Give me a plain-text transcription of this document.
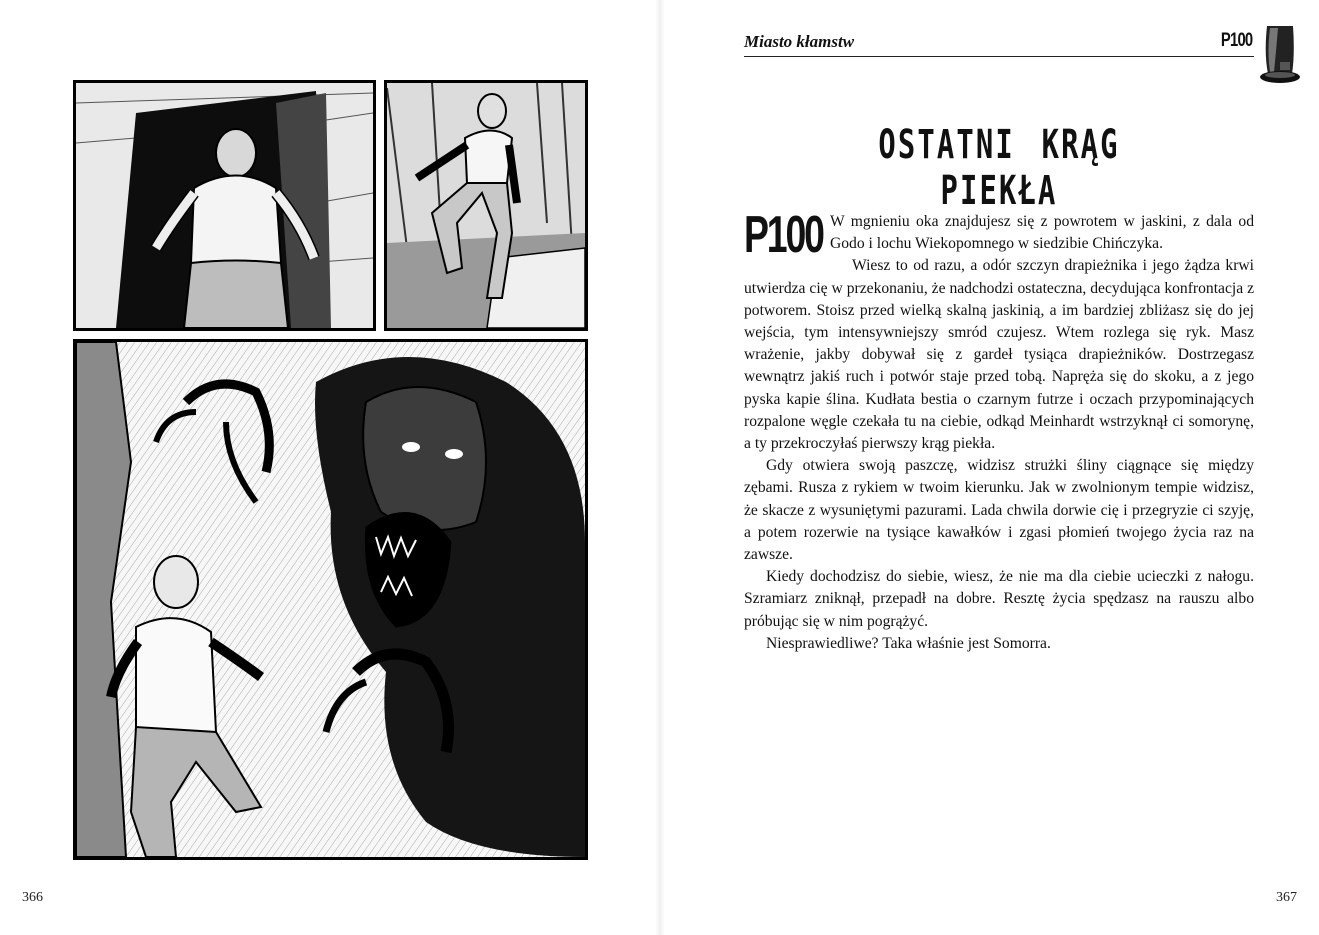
366
Miasto kłamstw	P100
OSTATNI KRĄG PIEKŁA

P100 W mgnieniu oka znajdujesz się z powrotem w jaskini, z dala od Godo i lochu Wiekopomnego w siedzibie Chińczyka.

Wiesz to od razu, a odór szczyn drapieżnika i jego żądza krwi utwierdza cię w przekonaniu, że nadchodzi ostateczna, decydująca konfrontacja z potworem. Stoisz przed wielką skalną jaskinią, a im bardziej zbliżasz się do jej wejścia, tym intensywniejszy smród czujesz. Wtem rozlega się ryk. Masz wrażenie, jakby dobywał się z gardeł tysiąca drapieżników. Dostrzegasz wewnątrz jakiś ruch i potwór staje przed tobą. Napręża się do skoku, a z jego pyska kapie ślina. Kudłata bestia o czarnym futrze i oczach przypominających rozpalone węgle czekała tu na ciebie, odkąd Meinhardt wstrzyknął ci somorynę, a ty przekroczyłaś pierwszy krąg piekła.

Gdy otwiera swoją paszczę, widzisz strużki śliny ciągnące się między zębami. Rusza z rykiem w twoim kierunku. Jak w zwolnionym tempie widzisz, że skacze z wysuniętymi pazurami. Lada chwila dorwie cię i przegryzie ci szyję, a potem rozerwie na tysiące kawałków i zgasi płomień twojego życia raz na zawsze.

Kiedy dochodzisz do siebie, wiesz, że nie ma dla ciebie ucieczki z nałogu. Szramiarz zniknął, przepadł na dobre. Resztę życia spędzasz na rauszu albo próbując się w nim pogrążyć.

Niesprawiedliwe? Taka właśnie jest Somorra.

367
